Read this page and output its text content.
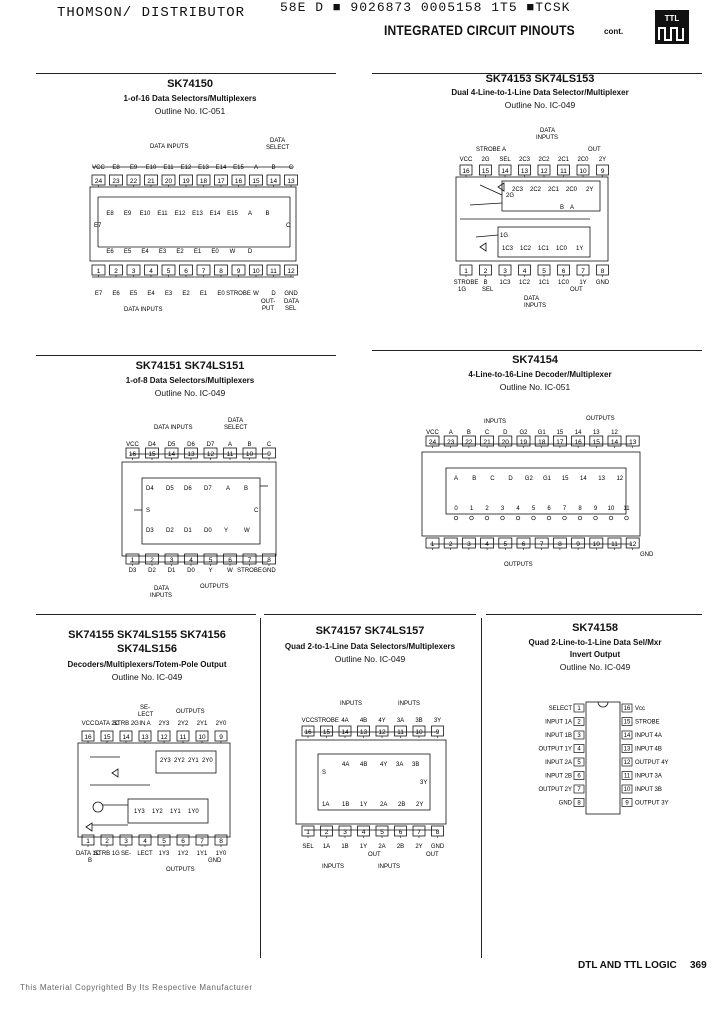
THOMSON/ DISTRIBUTOR	58E D ■ 9026873 0005158 1T5 ■TCSK
INTEGRATED CIRCUIT PINOUTS	cont.
TTL
SK74150
1-of-16 Data Selectors/Multiplexers
Outline No. IC-051
SK74153 SK74LS153
Dual 4-Line-to-1-Line Data Selector/Multiplexer
Outline No. IC-049
SK74151 SK74LS151
1-of-8 Data Selectors/Multiplexers
Outline No. IC-049
SK74154
4-Line-to-16-Line Decoder/Multiplexer
Outline No. IC-051
SK74155 SK74LS155 SK74156
SK74LS156
Decoders/Multiplexers/Totem-Pole Output
Outline No. IC-049
SK74157 SK74LS157
Quad 2-to-1-Line Data Selectors/Multiplexers
Outline No. IC-049
SK74158
Quad 2-Line-to-1-Line Data Sel/Mxr
Invert Output
Outline No. IC-049
24
VCC
23
E8
22
E9
21
E10
20
E11
19
E12
18
E13
17
E14
16
E15
15
A
14
B
13
C
E8 E9 E10 E11 E12 E13 E14 E15 A B
E6 E5 E4 E3 E2 E1 E0 W D
1
E7
2
E6
3
E5
4
E4
5
E3
6
E2
7
E1
8
E0
9
STROBE
10
W
11
D
12
GND
DATA INPUTS
DATA
SELECT
DATA INPUTS
OUT- DATA
PUT SEL
E7	C
16
VCC
15
2G
14
SEL
13
2C3
12
2C2
11
2C1
10
2C0
9
2Y
1
STROBE
2
B
3
1C3
4
1C2
5
1C1
6
1C0
7
1Y
8
GND
DATA
INPUTS
STROBE A	OUT
INPUTS
1G	SEL
DATA
OUT
2G
1G
1C3 1C2 1C1 1C0 1Y
2C3 2C2 2C1 2C0 2Y
B A
16
VCC
15
D4
14
D5
13
D6
12
D7
11
A
10
B
9
C
1
D3
2
D2
3
D1
4
D0
5
Y
6
W
7
STROBE
8
GND
DATA INPUTS
DATA
SELECT
DATA
INPUTS
OUTPUTS
D4 D5 D6 D7 A B
D3 D2 D1 D0 Y	W
S	C
24
VCC
23
A
22
B
21
C
20
D
19
G2
18
G1
17
15
16
14
15
13
14
12
13
1 2 3 4 5 6 7 8 9 10 11 12
INPUTS	OUTPUTS
OUTPUTS
GND
A B C D G2 G1 15 14 13 12
0 1 2 3 4 5 6 7 8 9 10 11
16
VCC
15
DATA 2C
14
STRB 2G
13
IN A
12
2Y3
11
2Y2
10
2Y1
9
2Y0
1
DATA 1C
2
STRB 1G
3
SE-
4
LECT
5
1Y3
6
1Y2
7
1Y1
8
1Y0
SE-
LECT	OUTPUTS
OUTPUTS
B	GND
2Y3 2Y2 2Y1 2Y0
1Y3 1Y2 1Y1 1Y0
16
VCC
15
STROBE
14
4A
13
4B
12
4Y
11
3A
10
3B
9
3Y
1
SEL
2
1A
3
1B
4
1Y
5
2A
6
2B
7
2Y
8
GND
INPUTS	INPUTS
INPUTS	INPUTS
OUT	OUT
S
4A 4B 4Y 3A 3B
3Y
1A 1B 1Y 2A 2B 2Y
1
SELECT
2
INPUT 1A
3
INPUT 1B
4
OUTPUT 1Y
5
INPUT 2A
6
INPUT 2B
7
OUTPUT 2Y
8
GND
16 Vcc
15 STROBE
14 INPUT 4A
13 INPUT 4B
12 OUTPUT 4Y
11 INPUT 3A
10 INPUT 3B
9 OUTPUT 3Y
This Material Copyrighted By Its Respective Manufacturer
DTL AND TTL LOGIC 369
